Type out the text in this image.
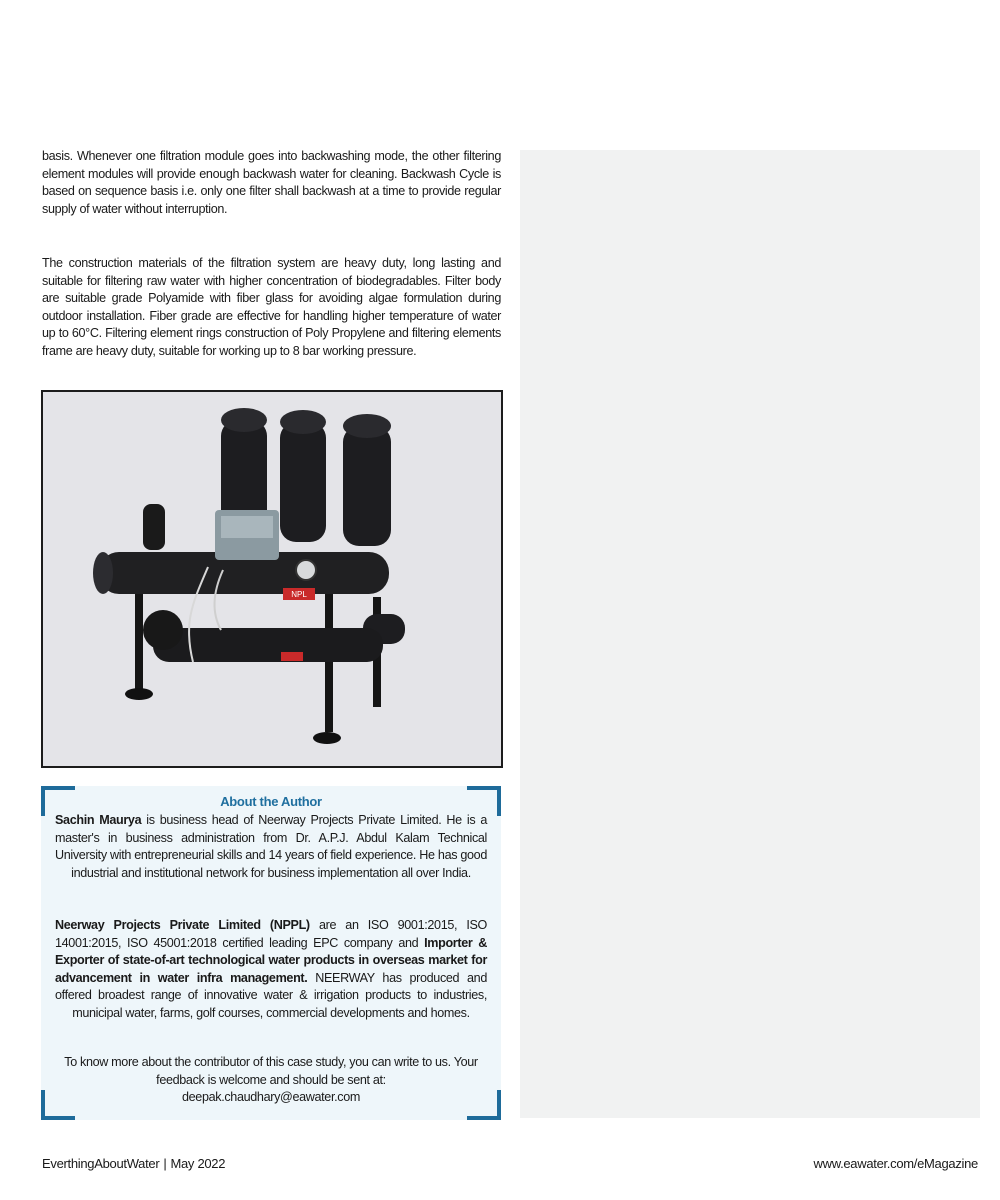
basis. Whenever one filtration module goes into backwashing mode, the other filtering element modules will provide enough backwash water for cleaning. Backwash Cycle is based on sequence basis i.e. only one filter shall backwash at a time to provide regular supply of water without interruption.

The construction materials of the filtration system are heavy duty, long lasting and suitable for filtering raw water with higher concentration of biodegradables. Filter body are suitable grade Polyamide with fiber glass for avoiding algae formulation during outdoor installation. Fiber grade are effective for handling higher temperature of water up to 60°C. Filtering element rings construction of Poly Propylene and filtering elements frame are heavy duty, suitable for working up to 8 bar working pressure.

NPL
About the Author

Sachin Maurya is business head of Neerway Projects Private Limited. He is a master's in business administration from Dr. A.P.J. Abdul Kalam Technical University with entrepreneurial skills and 14 years of field experience. He has good industrial and institutional network for business implementation all over India.

Neerway Projects Private Limited (NPPL) are an ISO 9001:2015, ISO 14001:2015, ISO 45001:2018 certified leading EPC company and Importer & Exporter of state-of-art technological water products in overseas market for advancement in water infra management. NEERWAY has produced and offered broadest range of innovative water & irrigation products to industries, municipal water, farms, golf courses, commercial developments and homes.

To know more about the contributor of this case study, you can write to us. Your feedback is welcome and should be sent at:
deepak.chaudhary@eawater.com

EverthingAboutWater | May 2022	www.eawater.com/eMagazine
